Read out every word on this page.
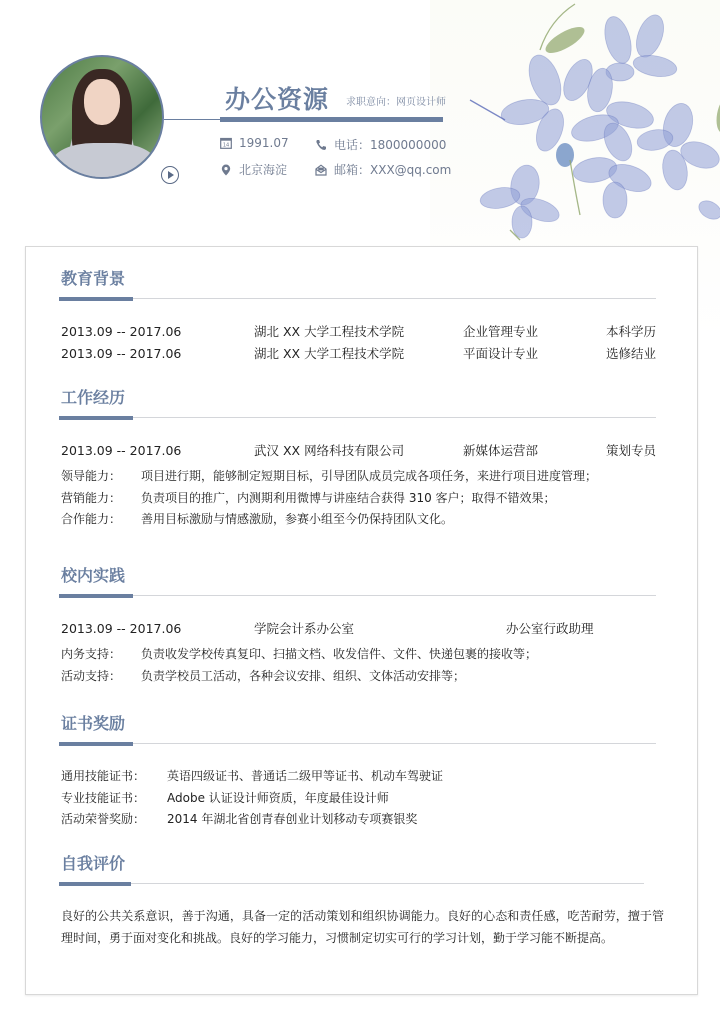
办公资源 求职意向：网页设计师
14 1991.07	电话：1800000000
北京海淀	邮箱：XXX@qq.com
教育背景
2013.09 -- 2017.06	湖北 XX 大学工程技术学院	企业管理专业	本科学历
2013.09 -- 2017.06	湖北 XX 大学工程技术学院	平面设计专业	选修结业
工作经历
2013.09 -- 2017.06	武汉 XX 网络科技有限公司	新媒体运营部	策划专员
领导能力： 项目进行期，能够制定短期目标，引导团队成员完成各项任务，来进行项目进度管理；
营销能力： 负责项目的推广，内测期利用微博与讲座结合获得 310 客户；取得不错效果；
合作能力： 善用目标激励与情感激励，参赛小组至今仍保持团队文化。
校内实践
2013.09 -- 2017.06	学院会计系办公室	办公室行政助理
内务支持： 负责收发学校传真复印、扫描文档、收发信件、文件、快递包裹的接收等；
活动支持： 负责学校员工活动，各种会议安排、组织、文体活动安排等；
证书奖励
通用技能证书： 英语四级证书、普通话二级甲等证书、机动车驾驶证
专业技能证书： Adobe 认证设计师资质，年度最佳设计师
活动荣誉奖励： 2014 年湖北省创青春创业计划移动专项赛银奖
自我评价

良好的公共关系意识，善于沟通，具备一定的活动策划和组织协调能力。良好的心态和责任感，吃苦耐劳，擅于管理时间，勇于面对变化和挑战。良好的学习能力，习惯制定切实可行的学习计划，勤于学习能不断提高。
